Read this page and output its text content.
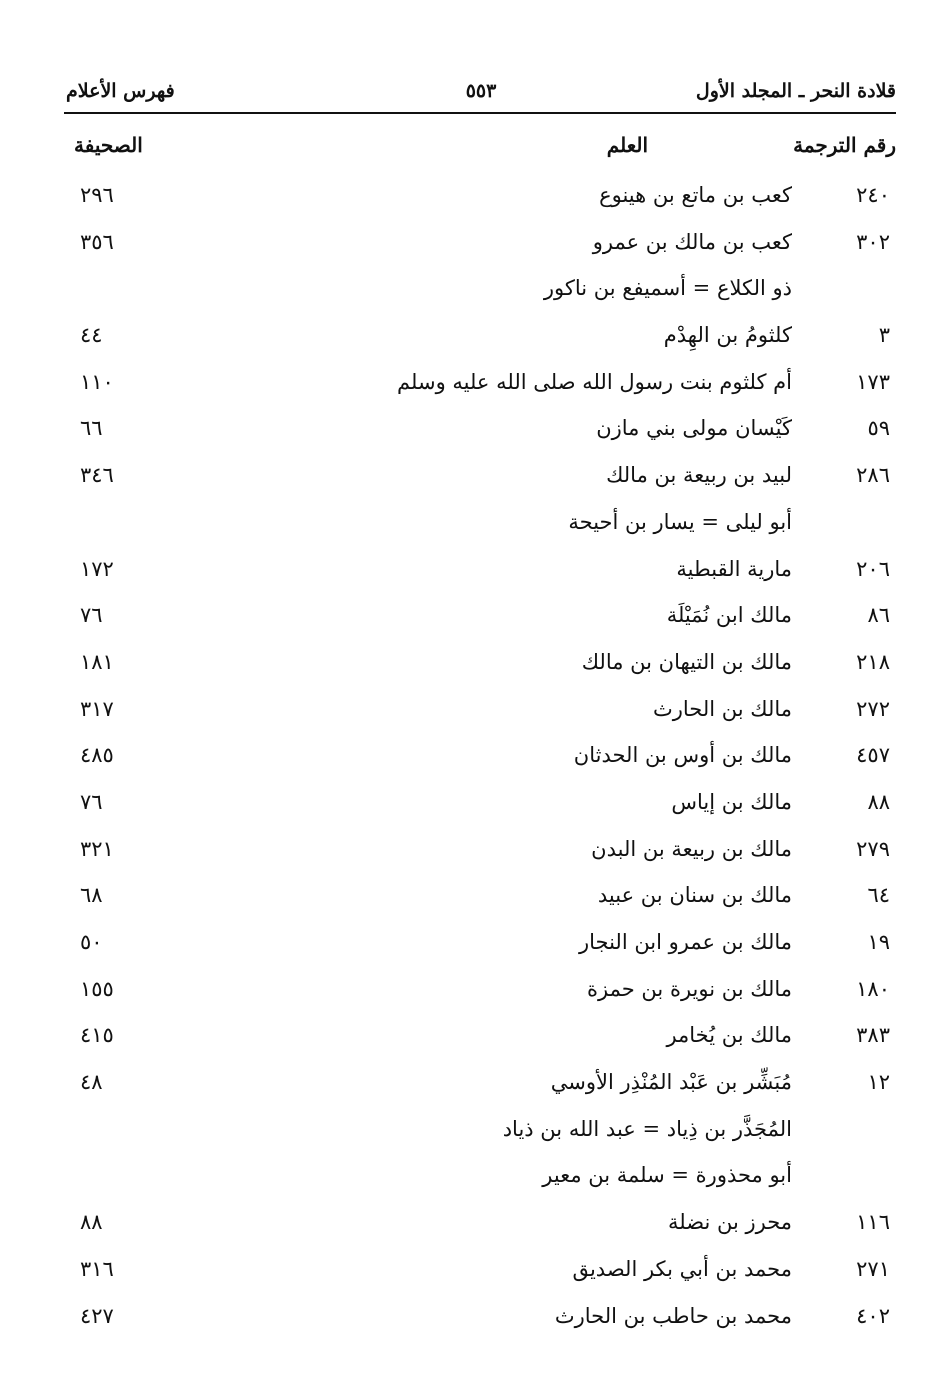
قلادة النحر ـ المجلد الأول
٥٥٣
فهرس الأعلام
رقم الترجمة
العلم
الصحيفة
٢٤٠
كعب بن ماتع بن هينوع
٢٩٦
٣٠٢
كعب بن مالك بن عمرو
٣٥٦
ذو الكلاع = أسميفع بن ناكور
٣
كلثومُ بن الهِدْم
٤٤
١٧٣
أم كلثوم بنت رسول الله صلى الله عليه وسلم
١١٠
٥٩
كَيْسان مولى بني مازن
٦٦
٢٨٦
لبيد بن ربيعة بن مالك
٣٤٦
أبو ليلى = يسار بن أحيحة
٢٠٦
مارية القبطية
١٧٢
٨٦
مالك ابن نُمَيْلَة
٧٦
٢١٨
مالك بن التيهان بن مالك
١٨١
٢٧٢
مالك بن الحارث
٣١٧
٤٥٧
مالك بن أوس بن الحدثان
٤٨٥
٨٨
مالك بن إياس
٧٦
٢٧٩
مالك بن ربيعة بن البدن
٣٢١
٦٤
مالك بن سنان بن عبيد
٦٨
١٩
مالك بن عمرو ابن النجار
٥٠
١٨٠
مالك بن نويرة بن حمزة
١٥٥
٣٨٣
مالك بن يُخامر
٤١٥
١٢
مُبَشِّر بن عَبْد المُنْذِر الأوسي
٤٨
المُجَذَّر بن ذِياد = عبد الله بن ذياد
أبو محذورة = سلمة بن معير
١١٦
محرز بن نضلة
٨٨
٢٧١
محمد بن أبي بكر الصديق
٣١٦
٤٠٢
محمد بن حاطب بن الحارث
٤٢٧
